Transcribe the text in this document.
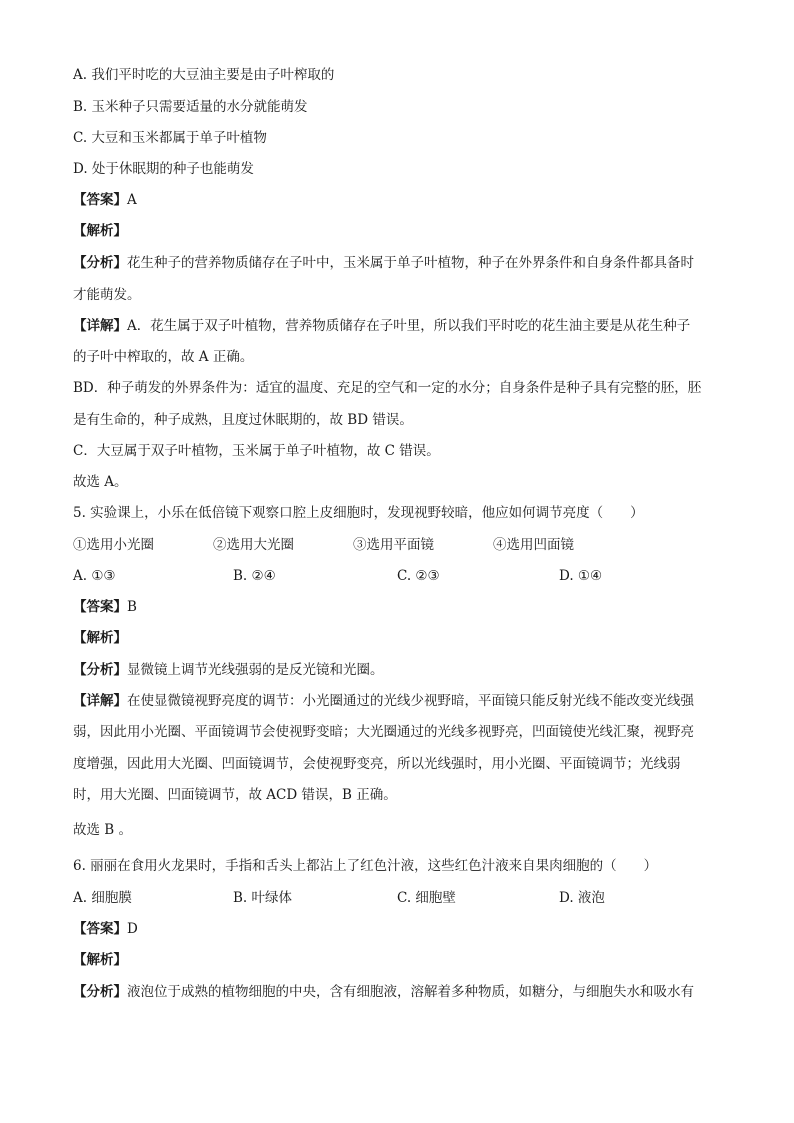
A. 我们平时吃的大豆油主要是由子叶榨取的
B. 玉米种子只需要适量的水分就能萌发
C. 大豆和玉米都属于单子叶植物
D. 处于休眠期的种子也能萌发
【答案】A
【解析】
【分析】花生种子的营养物质储存在子叶中，玉米属于单子叶植物，种子在外界条件和自身条件都具备时
才能萌发。
【详解】A．花生属于双子叶植物，营养物质储存在子叶里，所以我们平时吃的花生油主要是从花生种子
的子叶中榨取的，故 A 正确。
BD．种子萌发的外界条件为：适宜的温度、充足的空气和一定的水分；自身条件是种子具有完整的胚，胚
是有生命的，种子成熟，且度过休眠期的，故 BD 错误。
C．大豆属于双子叶植物，玉米属于单子叶植物，故 C 错误。
故选 A。
5. 实验课上，小乐在低倍镜下观察口腔上皮细胞时，发现视野较暗，他应如何调节亮度（　　）
①选用小光圈	②选用大光圈	③选用平面镜	④选用凹面镜
A. ①③	B. ②④	C. ②③	D. ①④
【答案】B
【解析】
【分析】显微镜上调节光线强弱的是反光镜和光圈。
【详解】在使显微镜视野亮度的调节：小光圈通过的光线少视野暗，平面镜只能反射光线不能改变光线强
弱，因此用小光圈、平面镜调节会使视野变暗；大光圈通过的光线多视野亮，凹面镜使光线汇聚，视野亮
度增强，因此用大光圈、凹面镜调节，会使视野变亮，所以光线强时，用小光圈、平面镜调节；光线弱
时，用大光圈、凹面镜调节，故 ACD 错误，B 正确。
故选 B 。
6. 丽丽在食用火龙果时，手指和舌头上都沾上了红色汁液，这些红色汁液来自果肉细胞的（　　）
A. 细胞膜	B. 叶绿体	C. 细胞壁	D. 液泡
【答案】D
【解析】
【分析】液泡位于成熟的植物细胞的中央，含有细胞液，溶解着多种物质，如糖分，与细胞失水和吸水有
